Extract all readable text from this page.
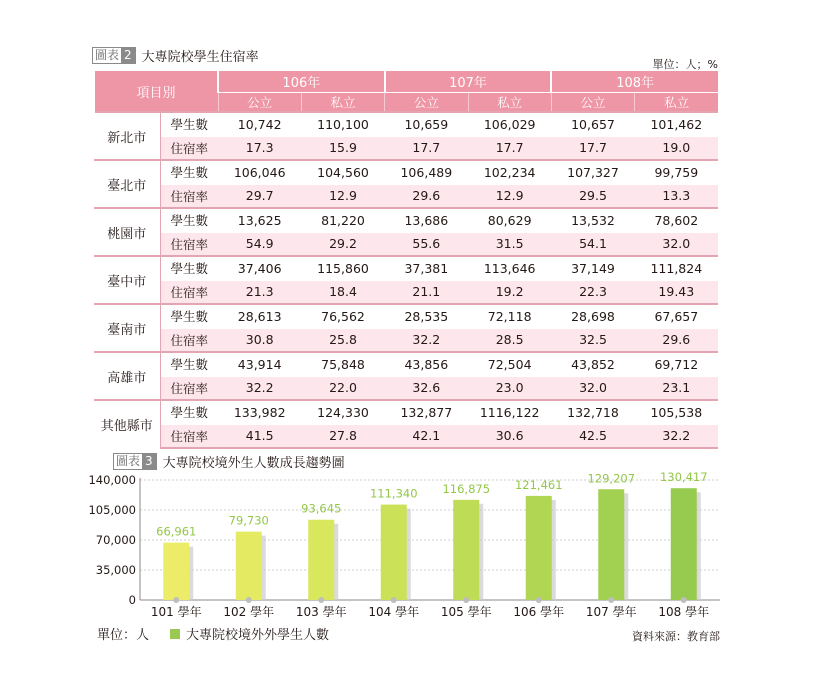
圖表 2 大專院校學生住宿率	單位：人；%
項目別		106年		107年		108年	
		公立	私立	公立	私立	公立	私立
新北市	學生數	10,742	110,100	10,659	106,029	10,657	101,462
	住宿率	17.3	15.9	17.7	17.7	17.7	19.0
臺北市	學生數	106,046	104,560	106,489	102,234	107,327	99,759
	住宿率	29.7	12.9	29.6	12.9	29.5	13.3
桃園市	學生數	13,625	81,220	13,686	80,629	13,532	78,602
	住宿率	54.9	29.2	55.6	31.5	54.1	32.0
臺中市	學生數	37,406	115,860	37,381	113,646	37,149	111,824
	住宿率	21.3	18.4	21.1	19.2	22.3	19.43
臺南市	學生數	28,613	76,562	28,535	72,118	28,698	67,657
	住宿率	30.8	25.8	32.2	28.5	32.5	29.6
高雄市	學生數	43,914	75,848	43,856	72,504	43,852	69,712
	住宿率	32.2	22.0	32.6	23.0	32.0	23.1
其他縣市	學生數	133,982	124,330	132,877	1116,122	132,718	105,538
	住宿率	41.5	27.8	42.1	30.6	42.5	32.2
圖表 3 大專院校境外生人數成長趨勢圖
0
35,000
70,000
105,000
140,000
66,961
101 學年
79,730
102 學年
93,645
103 學年
111,340
104 學年
116,875
105 學年
121,461
106 學年
129,207
107 學年
130,417
108 學年
單位：人	大專院校境外外學生人數	資料來源：教育部
